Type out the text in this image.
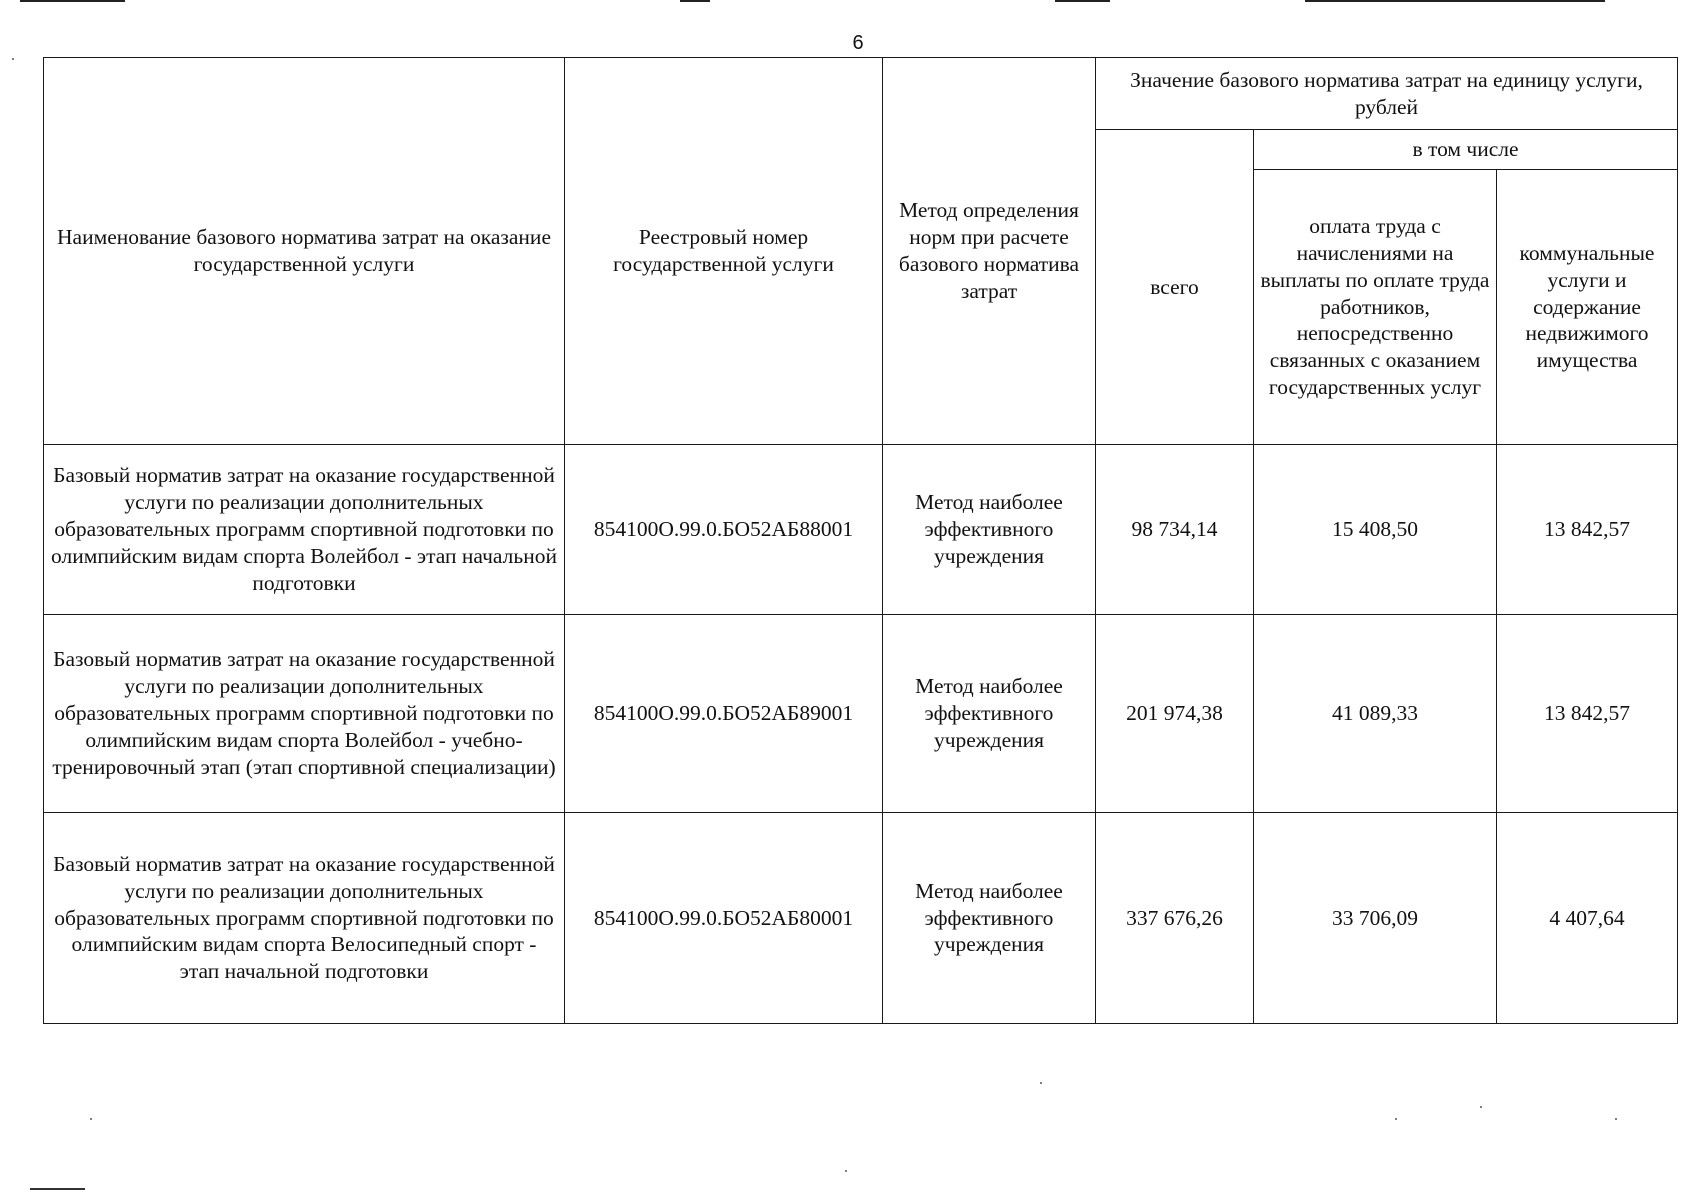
6
Наименование базового норматива затрат на оказание государственной услуги	Реестровый номер государственной услуги	Метод определения норм при расчете базового норматива затрат	Значение базового норматива затрат на единицу услуги, рублей		
			всего	в том числе	
				оплата труда с начислениями на выплаты по оплате труда работников, непосредственно связанных с оказанием государственных услуг	коммунальные услуги и содержание недвижимого имущества
Базовый норматив затрат на оказание государственной услуги по реализации дополнительных образовательных программ спортивной подготовки по олимпийским видам спорта Волейбол - этап начальной подготовки	854100О.99.0.БО52АБ88001	Метод наиболее эффективного учреждения	98 734,14	15 408,50	13 842,57
Базовый норматив затрат на оказание государственной услуги по реализации дополнительных образовательных программ спортивной подготовки по олимпийским видам спорта Волейбол - учебно-тренировочный этап (этап спортивной специализации)	854100О.99.0.БО52АБ89001	Метод наиболее эффективного учреждения	201 974,38	41 089,33	13 842,57
Базовый норматив затрат на оказание государственной услуги по реализации дополнительных образовательных программ спортивной подготовки по олимпийским видам спорта Велосипедный спорт - этап начальной подготовки	854100О.99.0.БО52АБ80001	Метод наиболее эффективного учреждения	337 676,26	33 706,09	4 407,64
